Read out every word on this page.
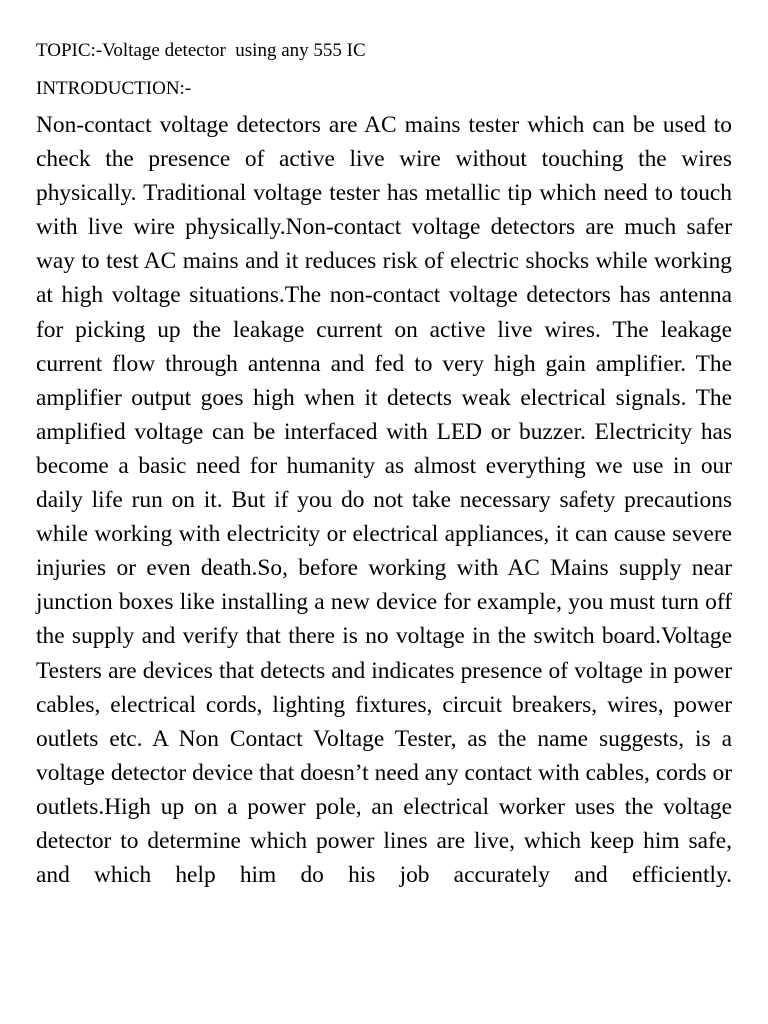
TOPIC:-Voltage detector  using any 555 IC

INTRODUCTION:-

Non-contact voltage detectors are AC mains tester which can be used to check the presence of active live wire without touching the wires physically. Traditional voltage tester has metallic tip which need to touch with live wire physically.Non-contact voltage detectors are much safer way to test AC mains and it reduces risk of electric shocks while working at high voltage situations.The non-contact voltage detectors has antenna for picking up the leakage current on active live wires. The leakage current flow through antenna and fed to very high gain amplifier. The amplifier output goes high when it detects weak electrical signals. The amplified voltage can be interfaced with LED or buzzer. Electricity has become a basic need for humanity as almost everything we use in our daily life run on it. But if you do not take necessary safety precautions while working with electricity or electrical appliances, it can cause severe injuries or even death.So, before working with AC Mains supply near junction boxes like installing a new device for example, you must turn off the supply and verify that there is no voltage in the switch board.Voltage Testers are devices that detects and indicates presence of voltage in power cables, electrical cords, lighting fixtures, circuit breakers, wires, power outlets etc. A Non Contact Voltage Tester, as the name suggests, is a voltage detector device that doesn’t need any contact with cables, cords or outlets.High up on a power pole, an electrical worker uses the voltage detector to determine which power lines are live, which keep him safe, and which help him do his job accurately and efficiently.
